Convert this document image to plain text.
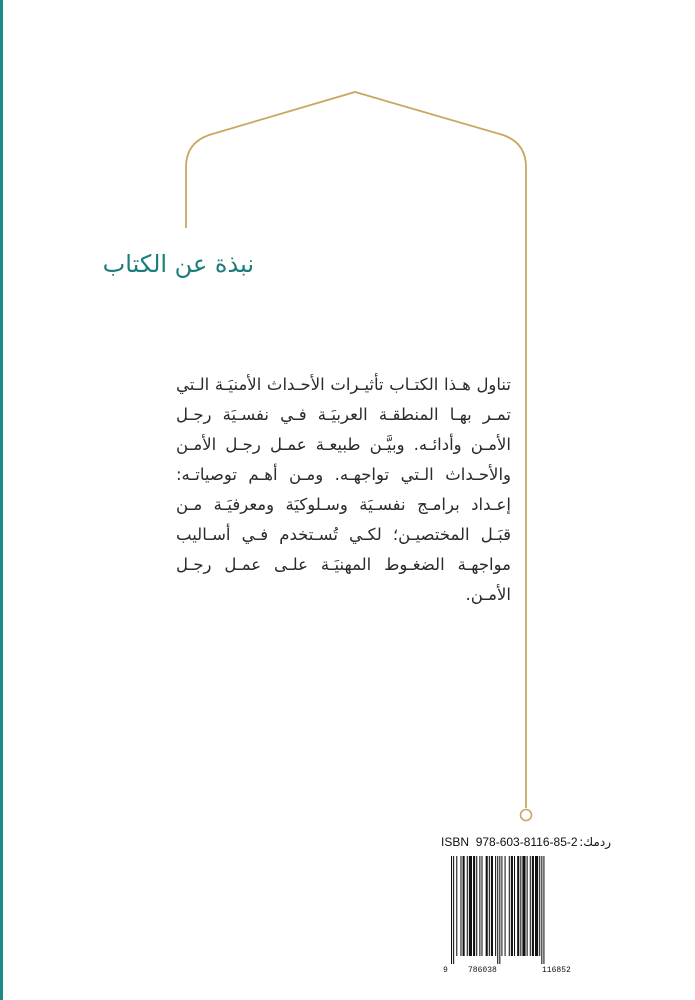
نبذة عن الكتاب

تناول هـذا الكتـاب تأثيـرات الأحـداث الأمنيَـة الـتي تمـر بهـا المنطقـة العربيَـة فـي نفسـيَة رجـل الأمـن وأدائـه. وبيَّـن طبيعـة عمـل رجـل الأمـن والأحـداث الـتي تواجهـه. ومـن أهـم توصياتـه: إعـداد برامـج نفسـيَة وسـلوكيَة ومعرفيَـة مـن قبَـل المختصيـن؛ لكـي تُسـتخدم فـي أسـاليب مواجهـة الضغـوط المهنيَـة علـى عمـل رجـل الأمـن.

ISBN 978-603-8116-85-2 ردمك:
9	786038	116852
